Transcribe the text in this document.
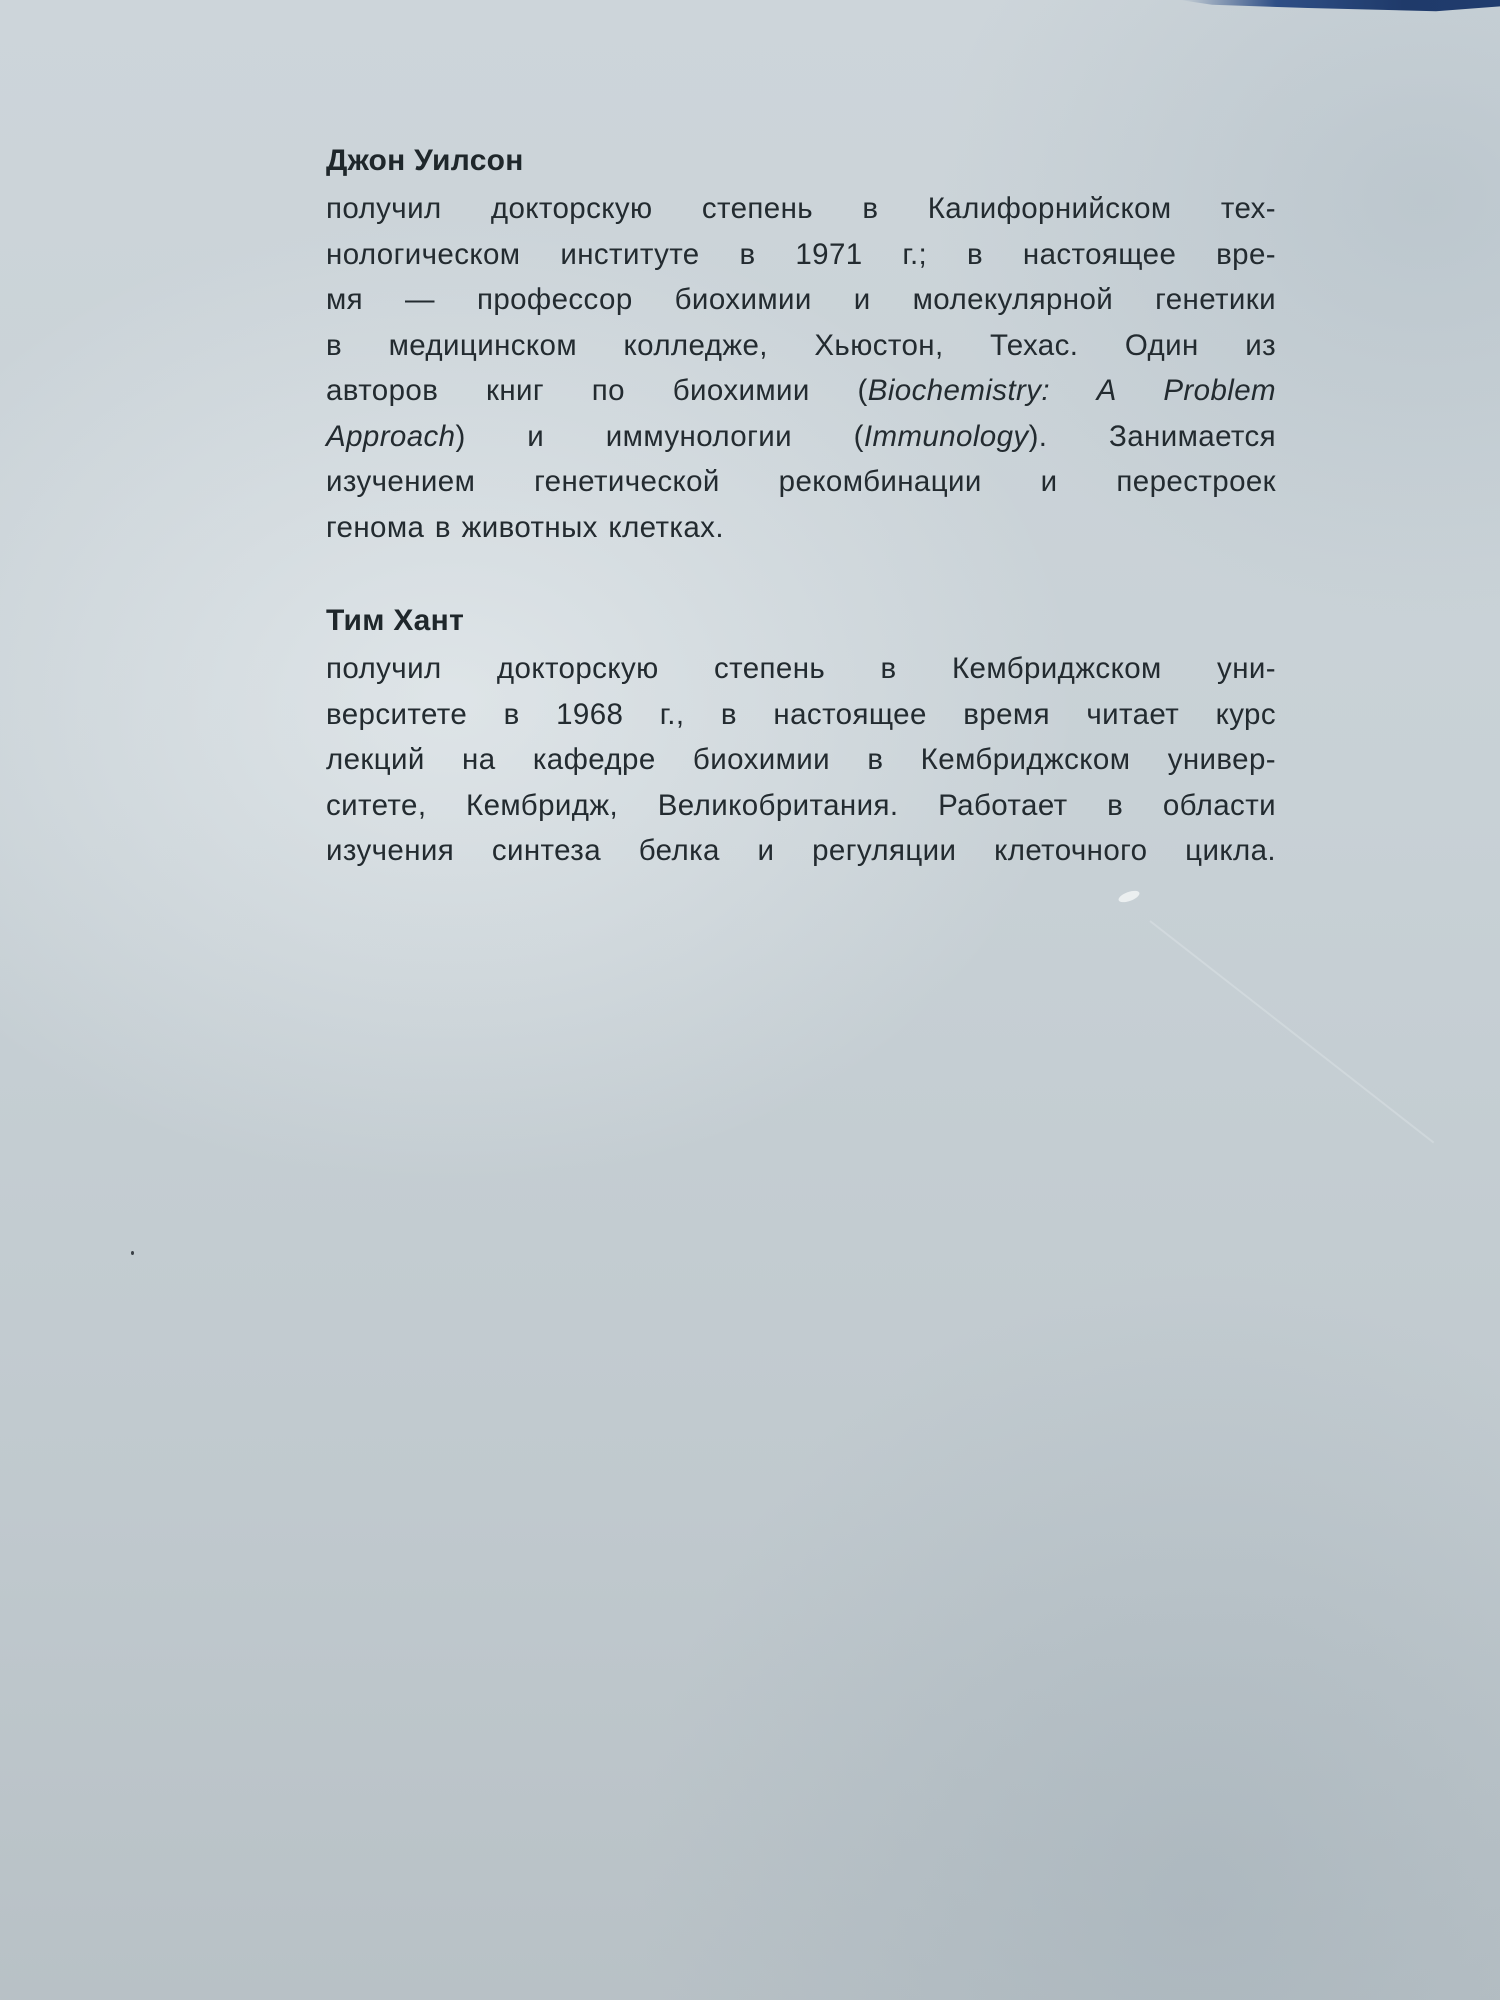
Джон Уилсон
получил докторскую степень в Калифорнийском тех-
нологическом институте в 1971 г.; в настоящее вре-
мя — профессор биохимии и молекулярной генетики
в медицинском колледже, Хьюстон, Техас. Один из
авторов книг по биохимии (Biochemistry: A Problem
Approach) и иммунологии (Immunology). Занимается
изучением генетической рекомбинации и перестроек
генома в животных клетках.
Тим Хант
получил докторскую степень в Кембриджском уни-
верситете в 1968 г., в настоящее время читает курс
лекций на кафедре биохимии в Кембриджском универ-
ситете, Кембридж, Великобритания. Работает в области
изучения синтеза белка и регуляции клеточного цикла.
